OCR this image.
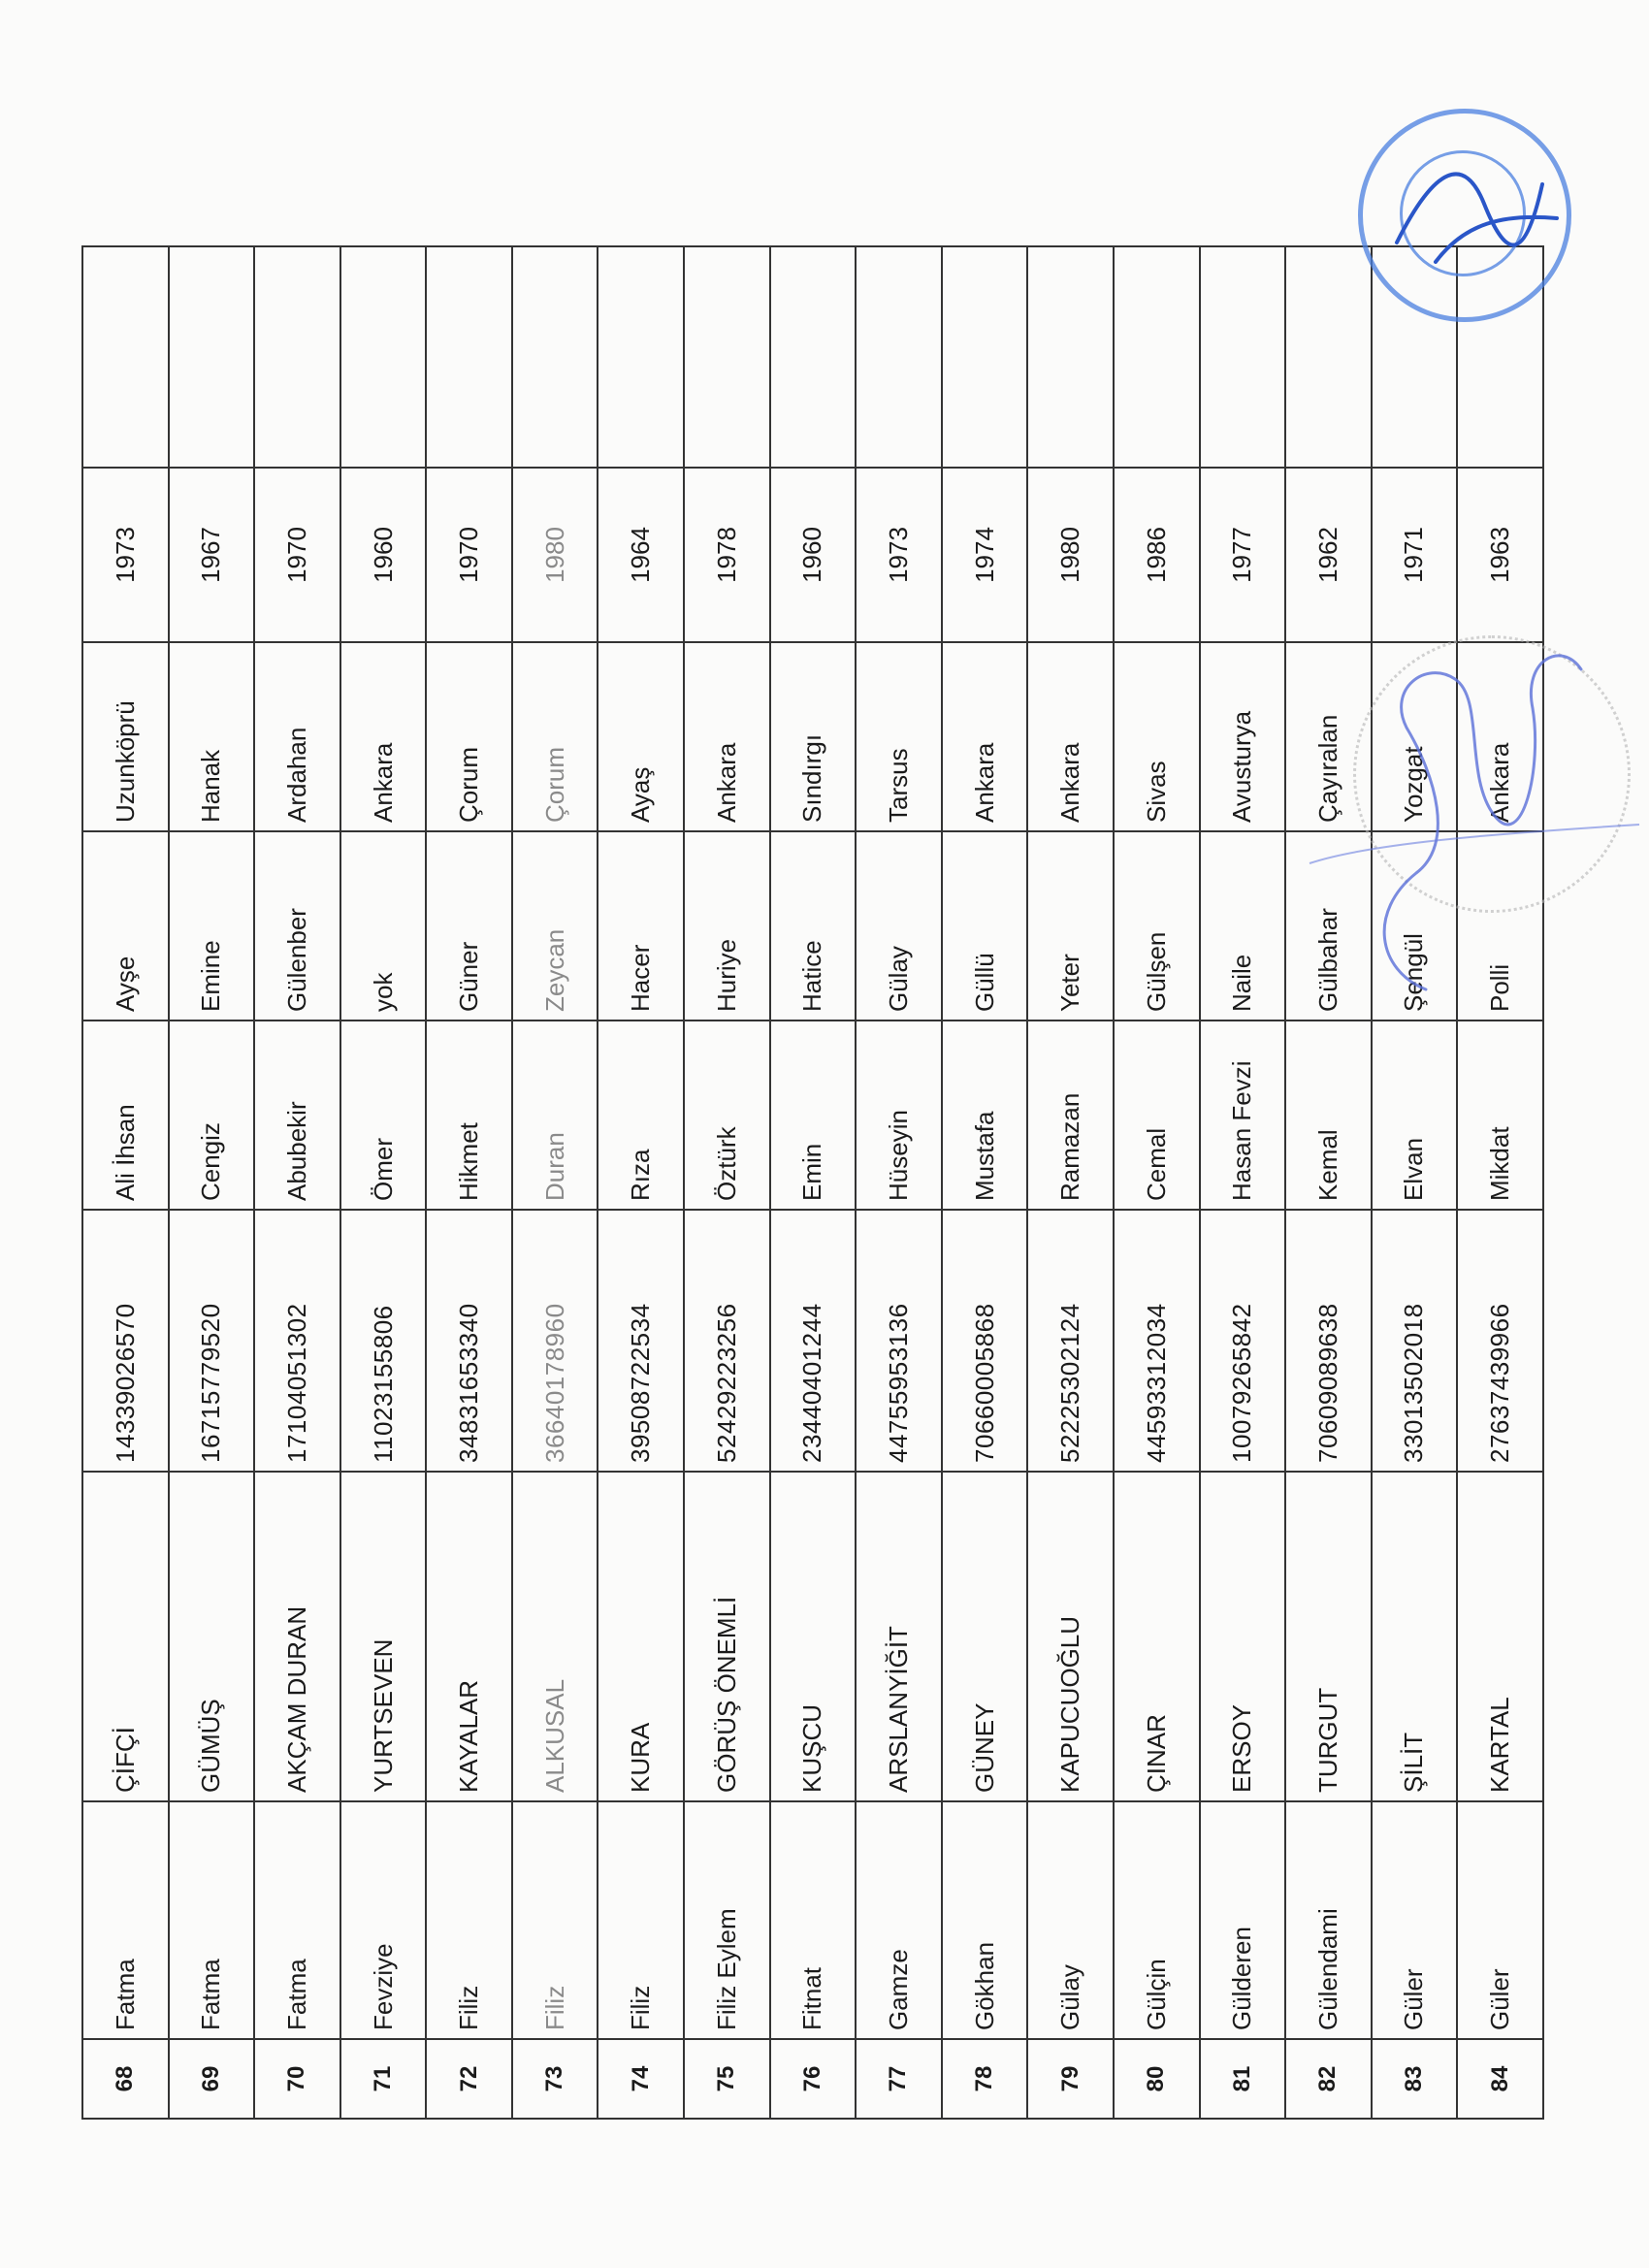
68	Fatma	ÇİFÇİ	14339026570	Ali İhsan	Ayşe	Uzunköprü	1973	
69	Fatma	GÜMÜŞ	16715779520	Cengiz	Emine	Hanak	1967	
70	Fatma	AKÇAM DURAN	17104051302	Abubekir	Gülenber	Ardahan	1970	
71	Fevziye	YURTSEVEN	11023155806	Ömer	yok	Ankara	1960	
72	Filiz	KAYALAR	34831653340	Hikmet	Güner	Çorum	1970	
73	Filiz	ALKUSAL	36640178960	Duran	Zeycan	Çorum	1980	
74	Filiz	KURA	39508722534	Rıza	Hacer	Ayaş	1964	
75	Filiz Eylem	GÖRÜŞ ÖNEMLİ	52429223256	Öztürk	Huriye	Ankara	1978	
76	Fitnat	KUŞCU	23440401244	Emin	Hatice	Sındırgı	1960	
77	Gamze	ARSLANYİĞİT	44755953136	Hüseyin	Gülay	Tarsus	1973	
78	Gökhan	GÜNEY	70660005868	Mustafa	Güllü	Ankara	1974	
79	Gülay	KAPUCUOĞLU	52225302124	Ramazan	Yeter	Ankara	1980	
80	Gülçin	ÇINAR	44593312034	Cemal	Gülşen	Sivas	1986	
81	Gülderen	ERSOY	10079265842	Hasan Fevzi	Naile	Avusturya	1977	
82	Gülendami	TURGUT	70609089638	Kemal	Gülbahar	Çayıralan	1962	
83	Güler	ŞİLİT	33013502018	Elvan	Şengül	Yozgat	1971	
84	Güler	KARTAL	27637439966	Mikdat	Polli	Ankara	1963	
